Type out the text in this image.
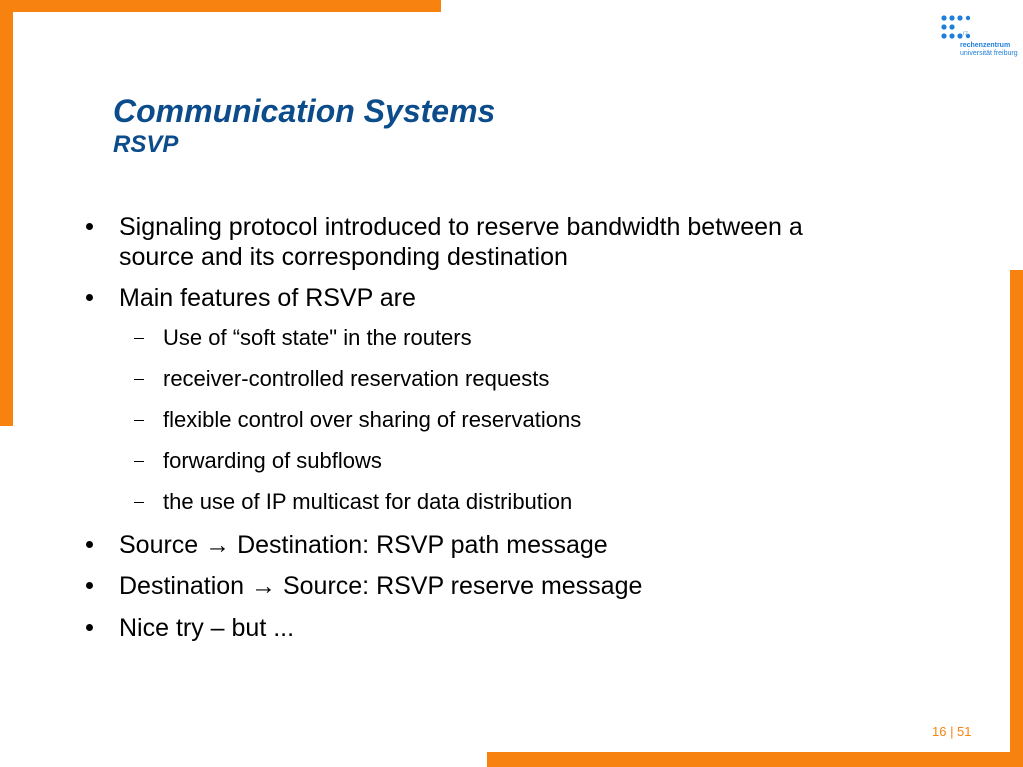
rz
rechenzentrum
universität freiburg
Communication Systems
RSVP
Signaling protocol introduced to reserve bandwidth between a
source and its corresponding destination
Main features of RSVP are
Use of “soft state" in the routers
receiver-controlled reservation requests
flexible control over sharing of reservations
forwarding of subflows
the use of IP multicast for data distribution
Source → Destination: RSVP path message
Destination → Source: RSVP reserve message
Nice try – but ...
16 | 51
